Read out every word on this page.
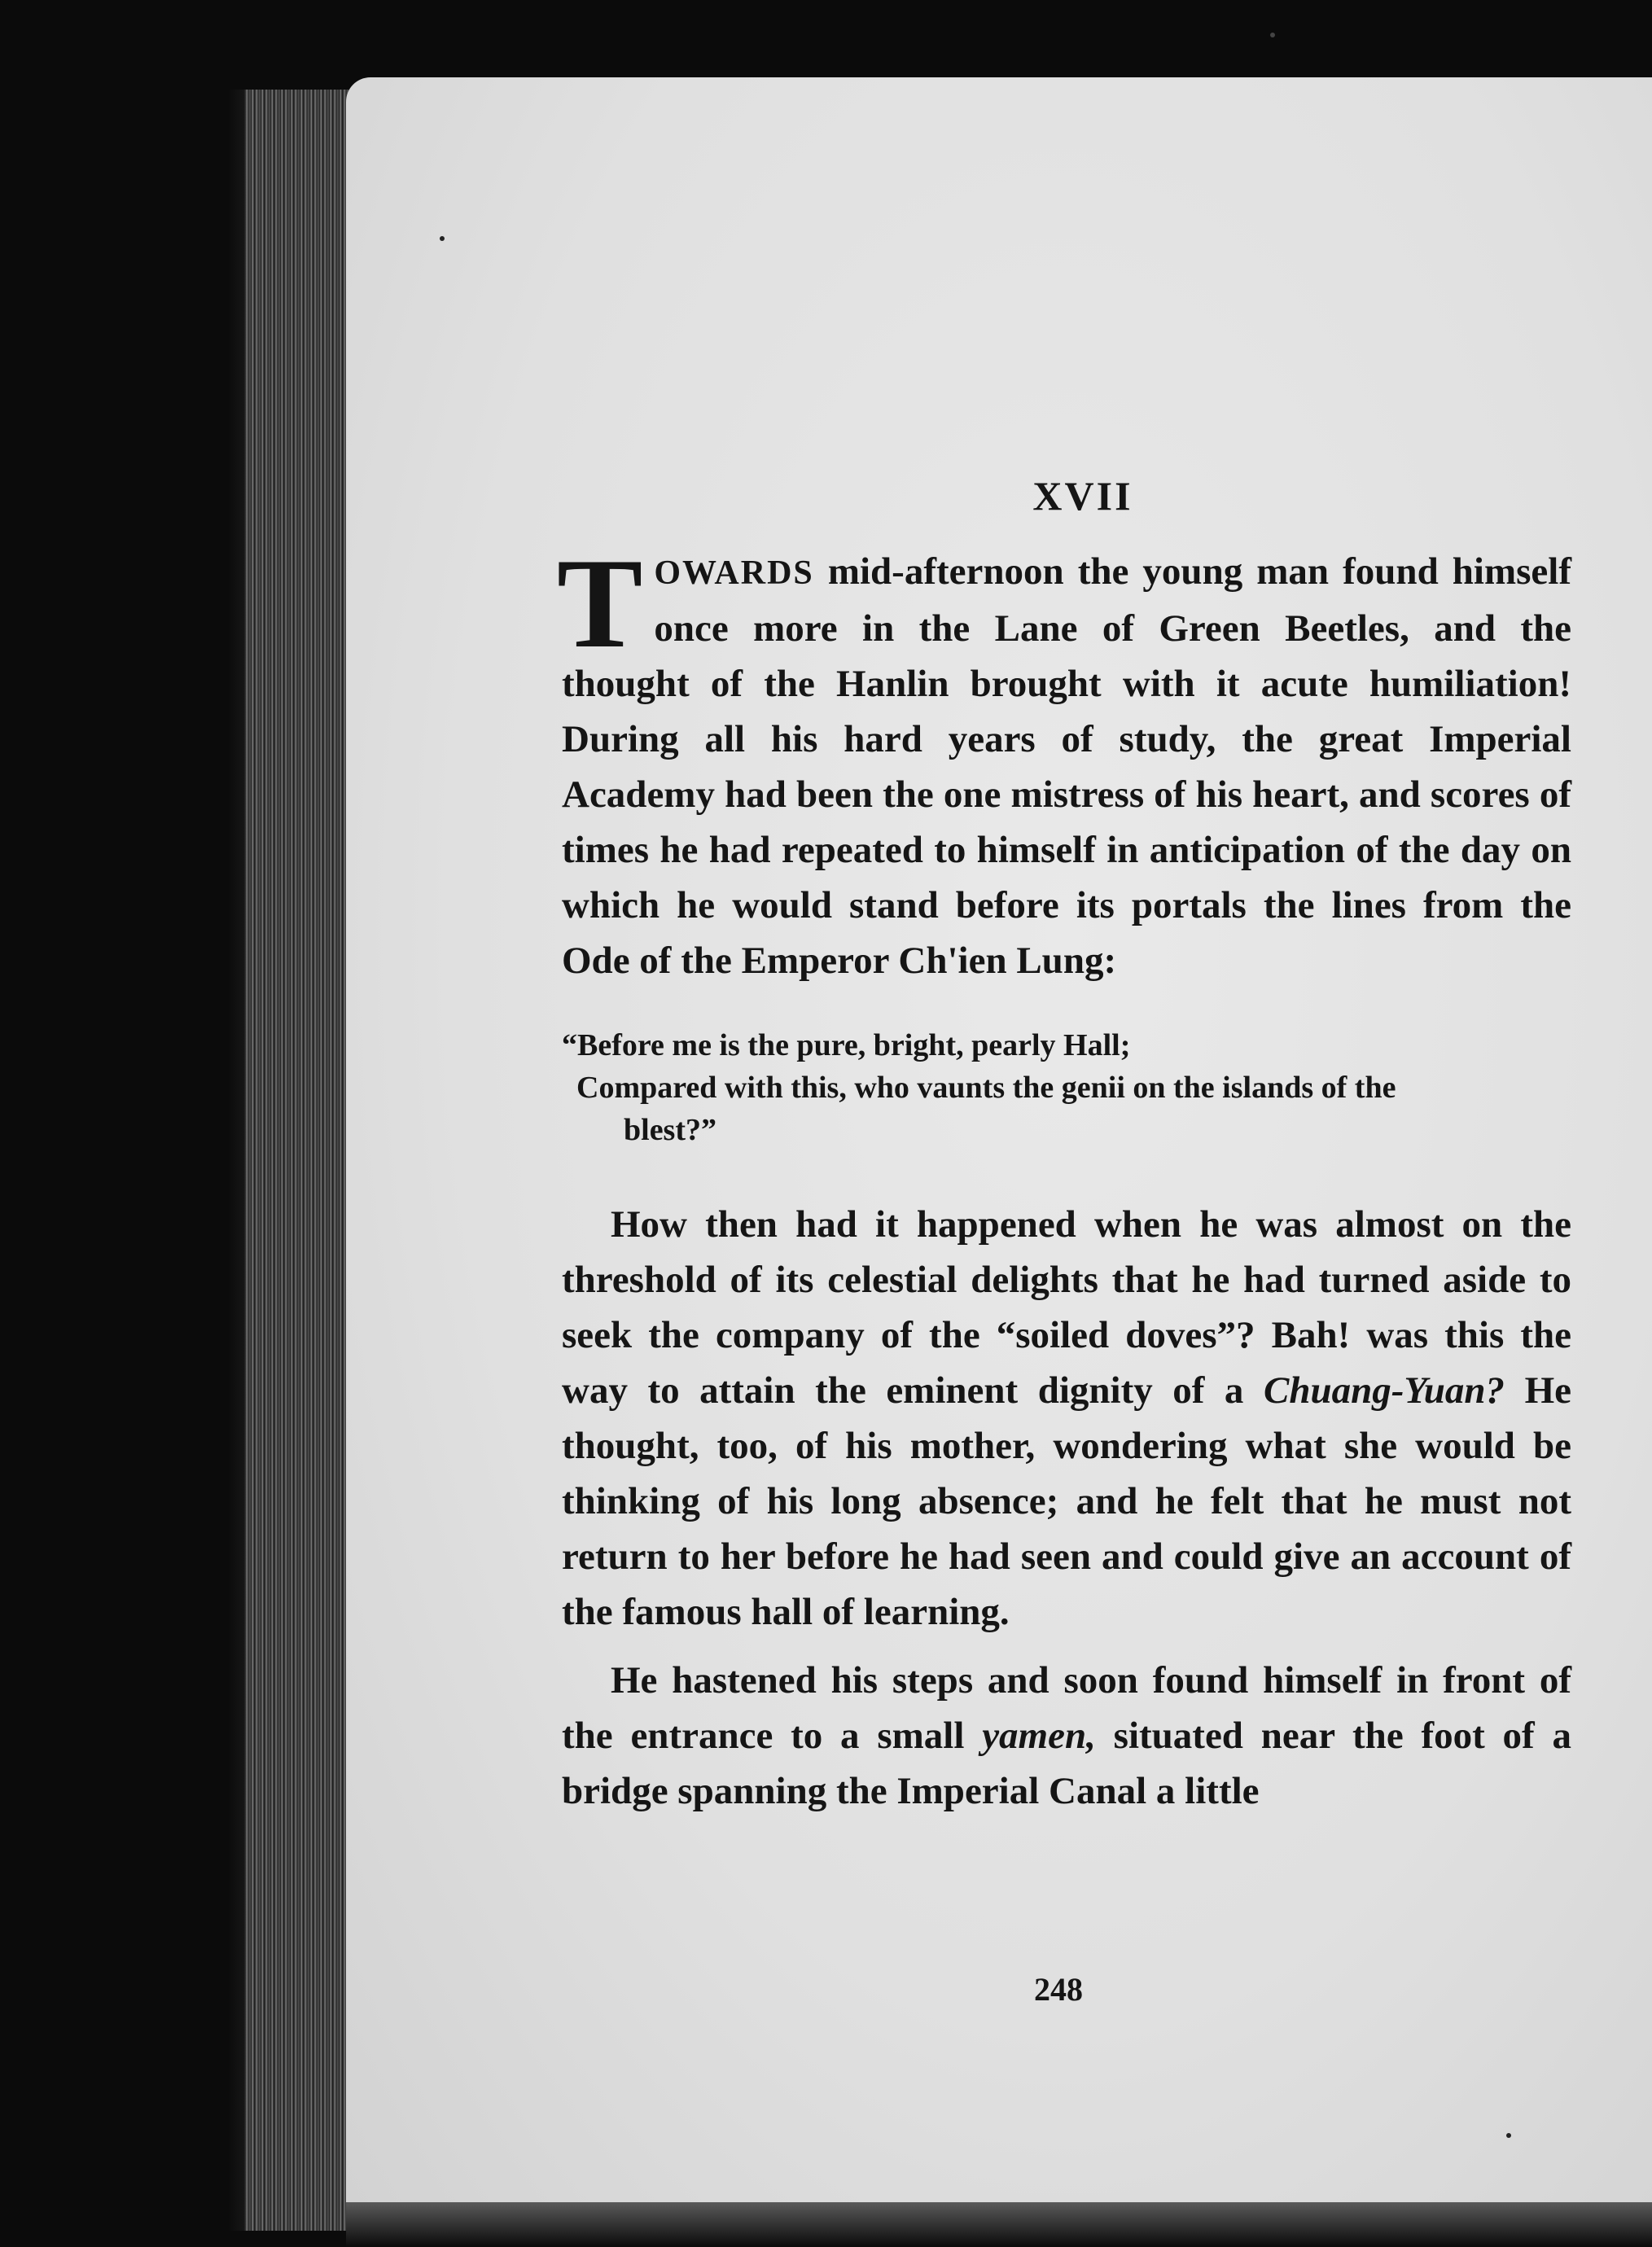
XVII

TOWARDS mid-afternoon the young man found himself once more in the Lane of Green Beetles, and the thought of the Hanlin brought with it acute humiliation! During all his hard years of study, the great Imperial Academy had been the one mistress of his heart, and scores of times he had repeated to himself in anticipation of the day on which he would stand before its portals the lines from the Ode of the Emperor Ch'ien Lung:

“Before me is the pure, bright, pearly Hall;
Compared with this, who vaunts the genii on the islands of the
blest?”

How then had it happened when he was almost on the threshold of its celestial delights that he had turned aside to seek the company of the “soiled doves”? Bah! was this the way to attain the eminent dignity of a Chuang-Yuan? He thought, too, of his mother, wondering what she would be thinking of his long absence; and he felt that he must not return to her before he had seen and could give an account of the famous hall of learning.

He hastened his steps and soon found himself in front of the entrance to a small yamen, situated near the foot of a bridge spanning the Imperial Canal a little

248
